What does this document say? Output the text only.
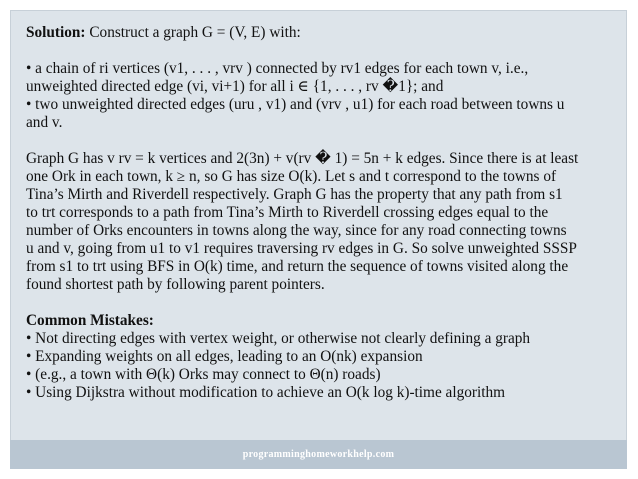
Solution: Construct a graph G = (V, E) with:

• a chain of ri vertices (v1, . . . , vrv ) connected by rv1 edges for each town v, i.e.,

unweighted directed edge (vi, vi+1) for all i ∈ {1, . . . , rv �1}; and

• two unweighted directed edges (uru , v1) and (vrv , u1) for each road between towns u

and v.

Graph G has v rv = k vertices and 2(3n) + v(rv � 1) = 5n + k edges. Since there is at least

one Ork in each town, k ≥ n, so G has size O(k). Let s and t correspond to the towns of

Tina’s Mirth and Riverdell respectively. Graph G has the property that any path from s1

to trt corresponds to a path from Tina’s Mirth to Riverdell crossing edges equal to the

number of Orks encounters in towns along the way, since for any road connecting towns

u and v, going from u1 to v1 requires traversing rv edges in G. So solve unweighted SSSP

from s1 to trt using BFS in O(k) time, and return the sequence of towns visited along the

found shortest path by following parent pointers.

Common Mistakes:

• Not directing edges with vertex weight, or otherwise not clearly defining a graph

• Expanding weights on all edges, leading to an O(nk) expansion

• (e.g., a town with Θ(k) Orks may connect to Θ(n) roads)

• Using Dijkstra without modification to achieve an O(k log k)-time algorithm

programminghomeworkhelp.com
